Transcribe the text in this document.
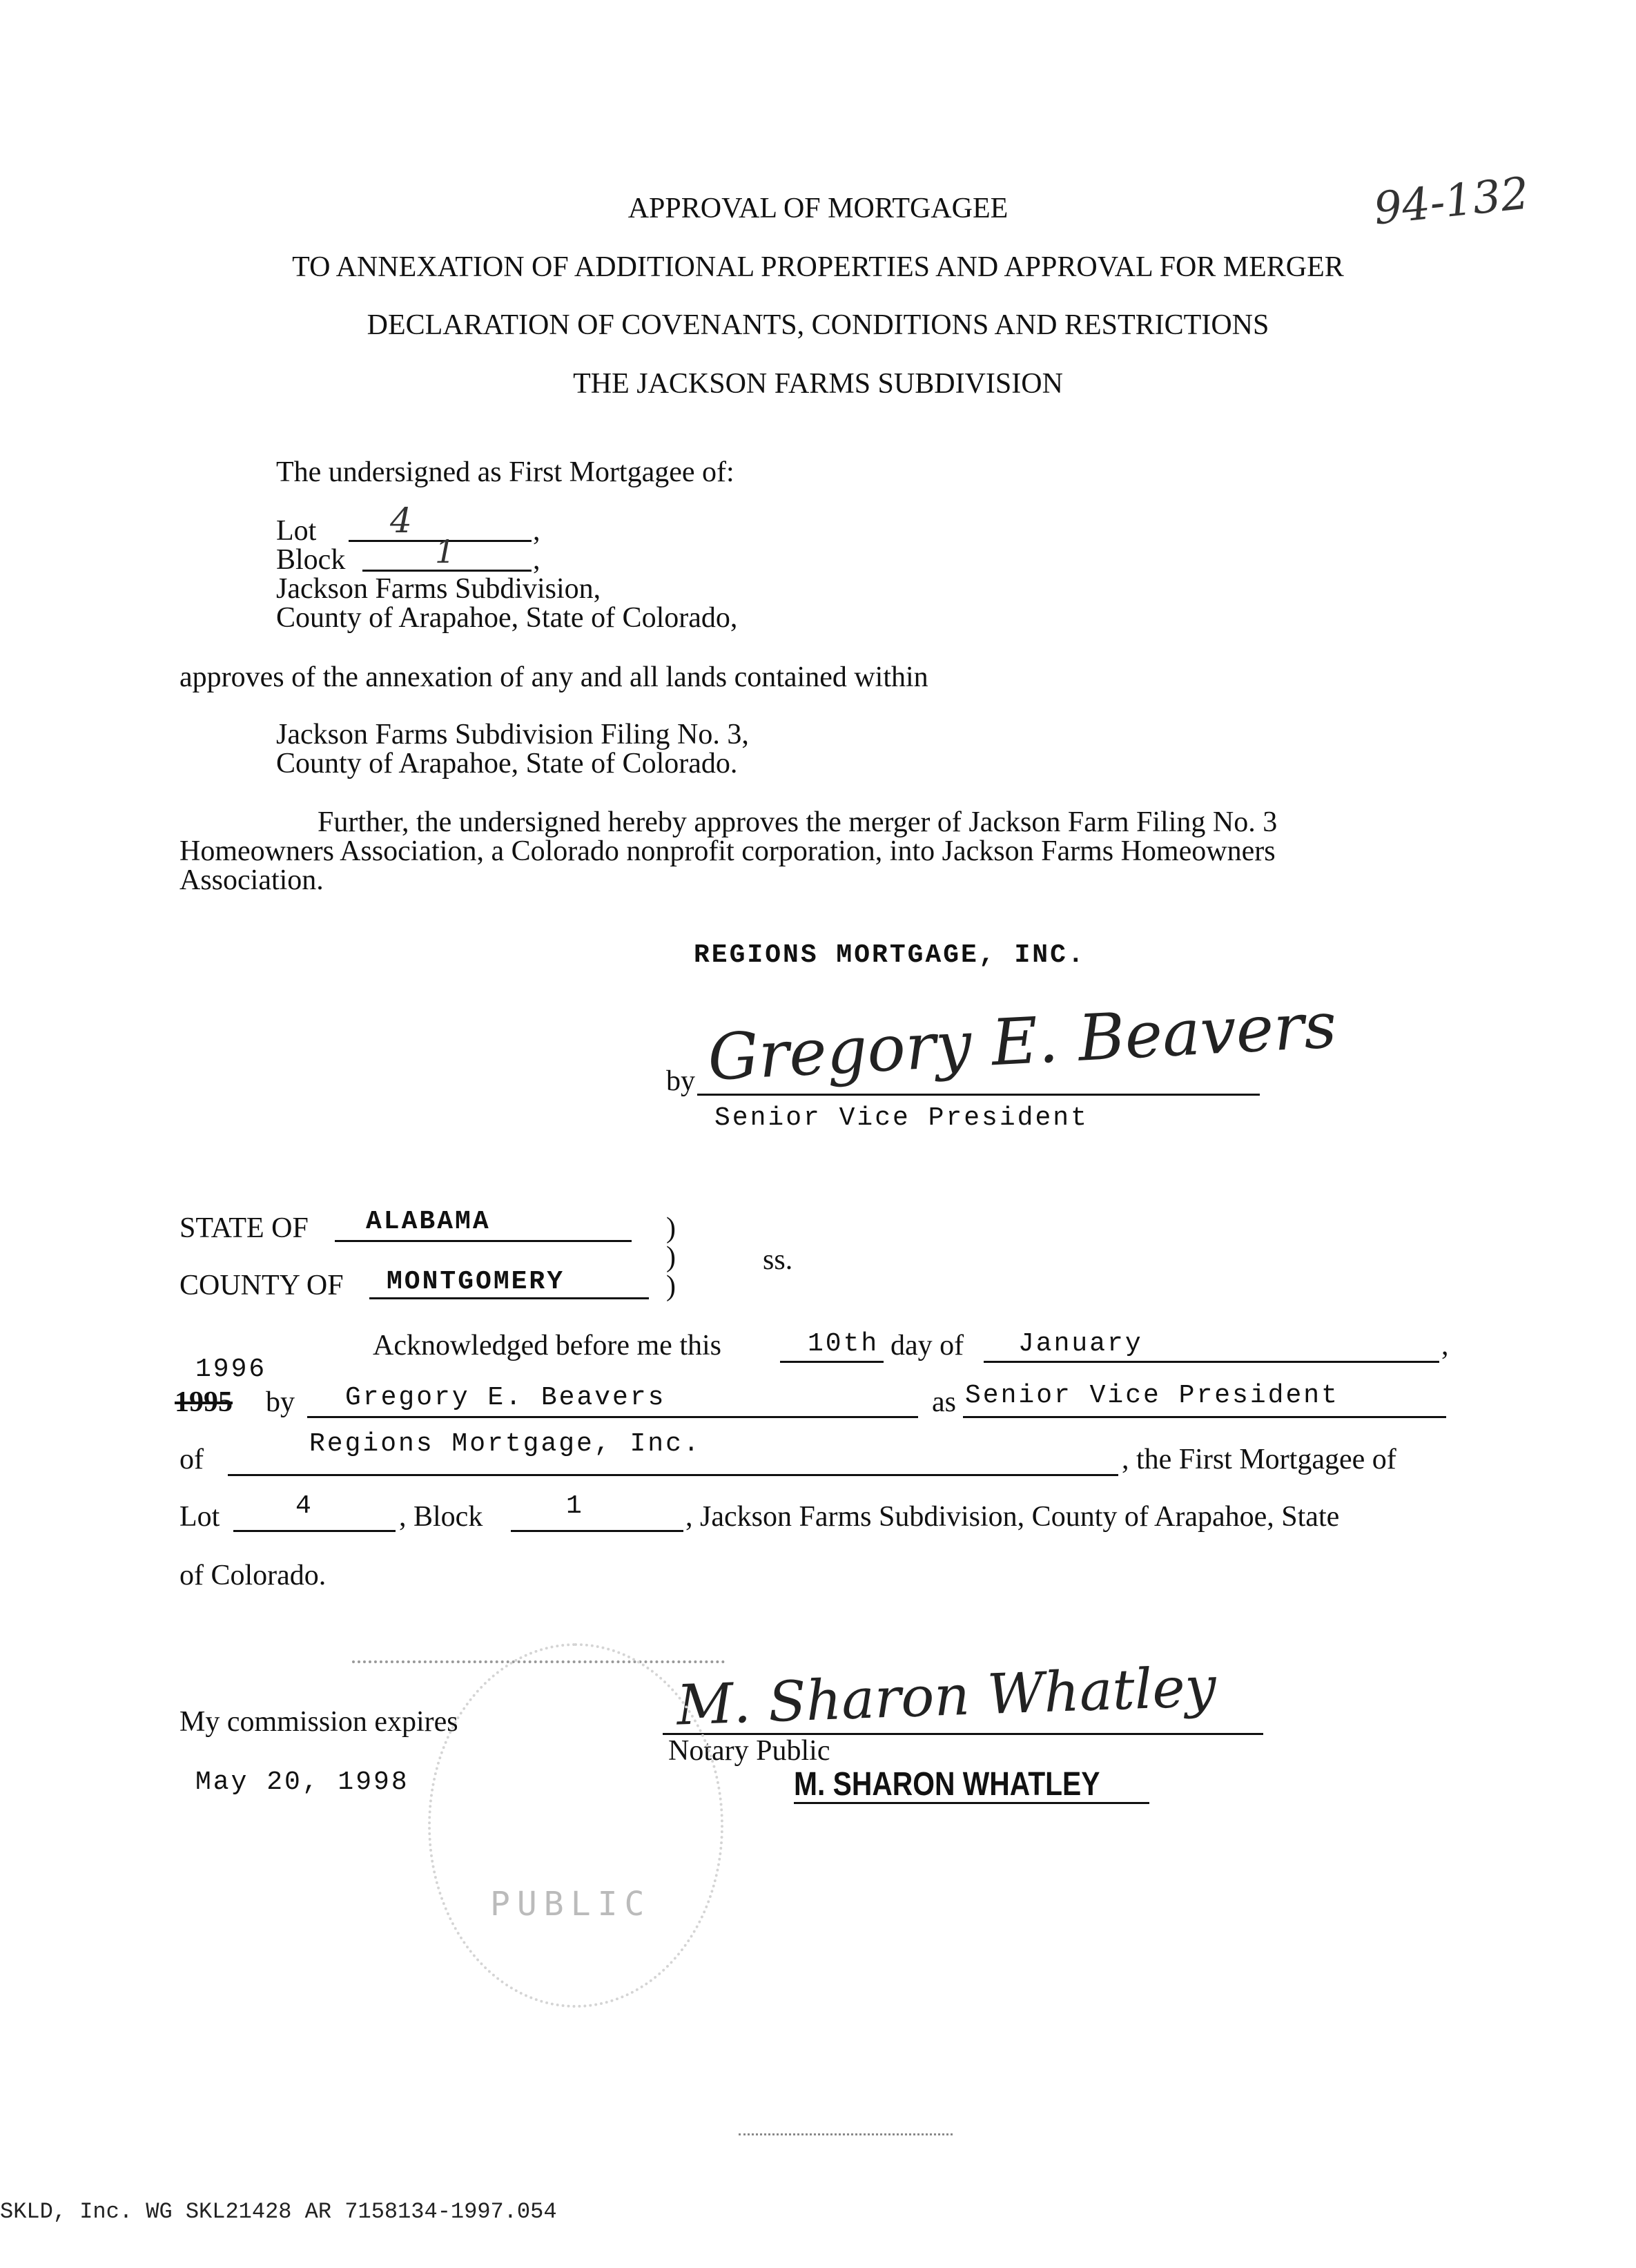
94-132
APPROVAL OF MORTGAGEE
TO ANNEXATION OF ADDITIONAL PROPERTIES AND APPROVAL FOR MERGER
DECLARATION OF COVENANTS, CONDITIONS AND RESTRICTIONS
THE JACKSON FARMS SUBDIVISION
The undersigned as First Mortgagee of:
Lot 4	,
Block	1	,
Jackson Farms Subdivision,
County of Arapahoe, State of Colorado,
approves of the annexation of any and all lands contained within
Jackson Farms Subdivision Filing No. 3,
County of Arapahoe, State of Colorado.
Further, the undersigned hereby approves the merger of Jackson Farm Filing No. 3
Homeowners Association, a Colorado nonprofit corporation, into Jackson Farms Homeowners
Association.
REGIONS MORTGAGE, INC.
by Gregory E. Beavers
Senior Vice President
STATE OF ALABAMA	)
)
)
ss.
COUNTY OF MONTGOMERY
Acknowledged before me this	10th day of January	,
1996
1995 by Gregory E. Beavers	as Senior Vice President
of	Regions Mortgage, Inc.	, the First Mortgagee of
Lot	4	, Block	1	, Jackson Farms Subdivision, County of Arapahoe, State
of Colorado.
My commission expires
May 20, 1998
M. Sharon Whatley
Notary Public
M. SHARON WHATLEY
PUBLIC
SKLD, Inc. WG SKL21428 AR 7158134-1997.054
